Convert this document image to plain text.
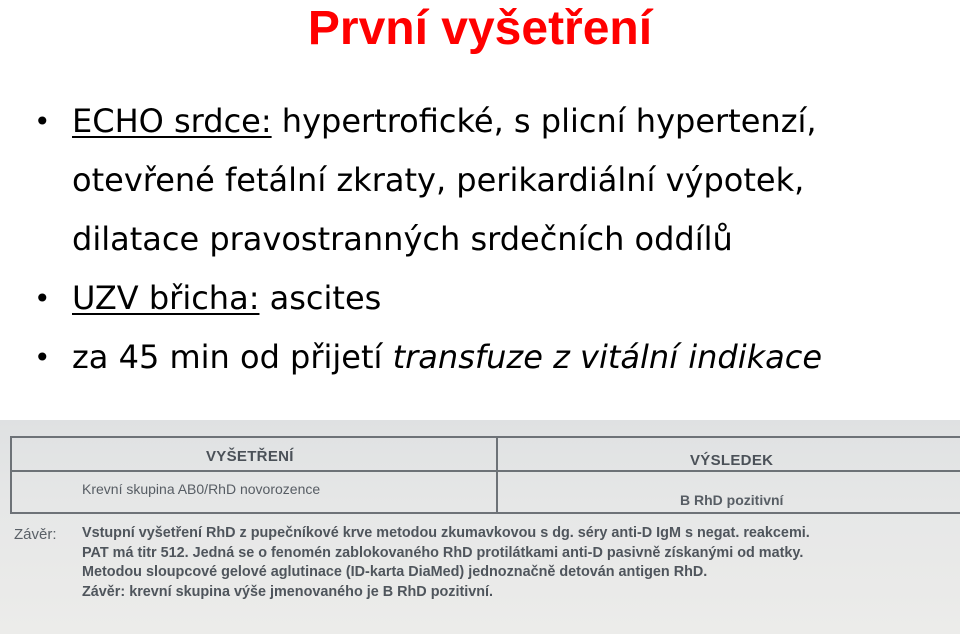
První vyšetření
• ECHO srdce: hypertrofické, s plicní hypertenzí,
otevřené fetální zkraty, perikardiální výpotek,
dilatace pravostranných srdečních oddílů
• UZV břicha: ascites
• za 45 min od přijetí transfuze z vitální indikace
VYŠETŘENÍ	VÝSLEDEK
Krevní skupina AB0/RhD novorozence
B RhD pozitivní
Závěr: Vstupní vyšetření RhD z pupečníkové krve metodou zkumavkovou s dg. séry anti-D IgM s negat. reakcemi.
PAT má titr 512. Jedná se o fenomén zablokovaného RhD protilátkami anti-D pasivně získanými od matky.
Metodou sloupcové gelové aglutinace (ID-karta DiaMed) jednoznačně detován antigen RhD.
Závěr: krevní skupina výše jmenovaného je B RhD pozitivní.
